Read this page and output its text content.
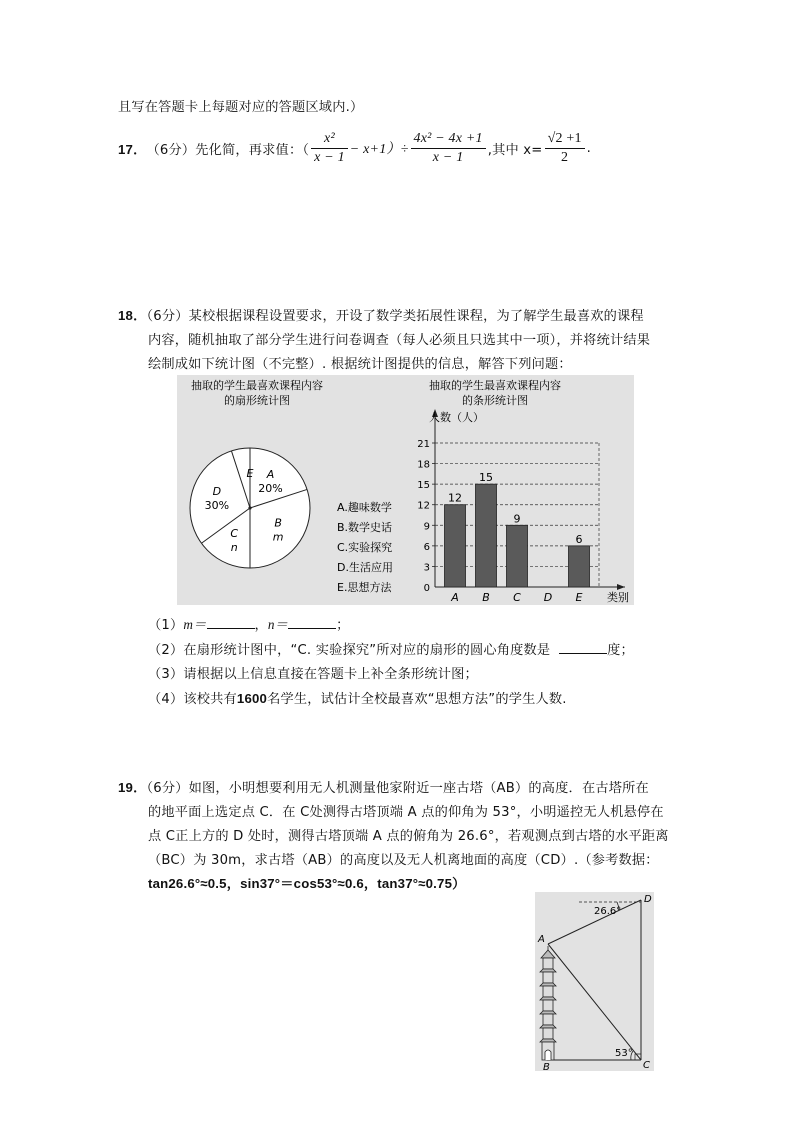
且写在答题卡上每题对应的答题区域内.）
17． （6分） 先化简，再求值：（ $\frac{\text{x²}}{x - 1} - x+1)\div \frac{\text{4x² − 4x +1}}{x - 1}$ ,其中 $x= \frac{√2 +1}{2}$ .
18．（6分）某校根据课程设置要求，开设了数学类拓展性课程，为了解学生最喜欢的课程
内容，随机抽取了部分学生进行问卷调查（每人必须且只选其中一项），并将统计结果
绘制成如下统计图（不完整）. 根据统计图提供的信息，解答下列问题：
抽取的学生最喜欢课程内容
的扇形统计图
抽取的学生最喜欢课程内容
的条形统计图
A
20%
B
m
C
n
D
30%
E
A.趣味数学
B.数学史话
C.实验探究
D.生活应用
E.思想方法
人数（人）
类别
0
3
6
9
12
15
18
21
12
A
15
B
9
C D
6
E
（1）m＝	，n＝	；
（2）在扇形统计图中，“C. 实验探究”所对应的扇形的圆心角度数是	度；
（3）请根据以上信息直接在答题卡上补全条形统计图；
（4）该校共有1600名学生，试估计全校最喜欢“思想方法”的学生人数.
19．（6分）如图，小明想要利用无人机测量他家附近一座古塔（AB）的高度．在古塔所在
的地平面上选定点 C．在 C处测得古塔顶端 A 点的仰角为 53°，小明遥控无人机悬停在
点 C正上方的 D 处时，测得古塔顶端 A 点的俯角为 26.6°，若观测点到古塔的水平距离
（BC）为 30m，求古塔（AB）的高度以及无人机离地面的高度（CD）.（参考数据：
tan26.6°≈0.5，sin37°＝cos53°≈0.6，tan37°≈0.75）
A
B	C
D
26.6°
53°
